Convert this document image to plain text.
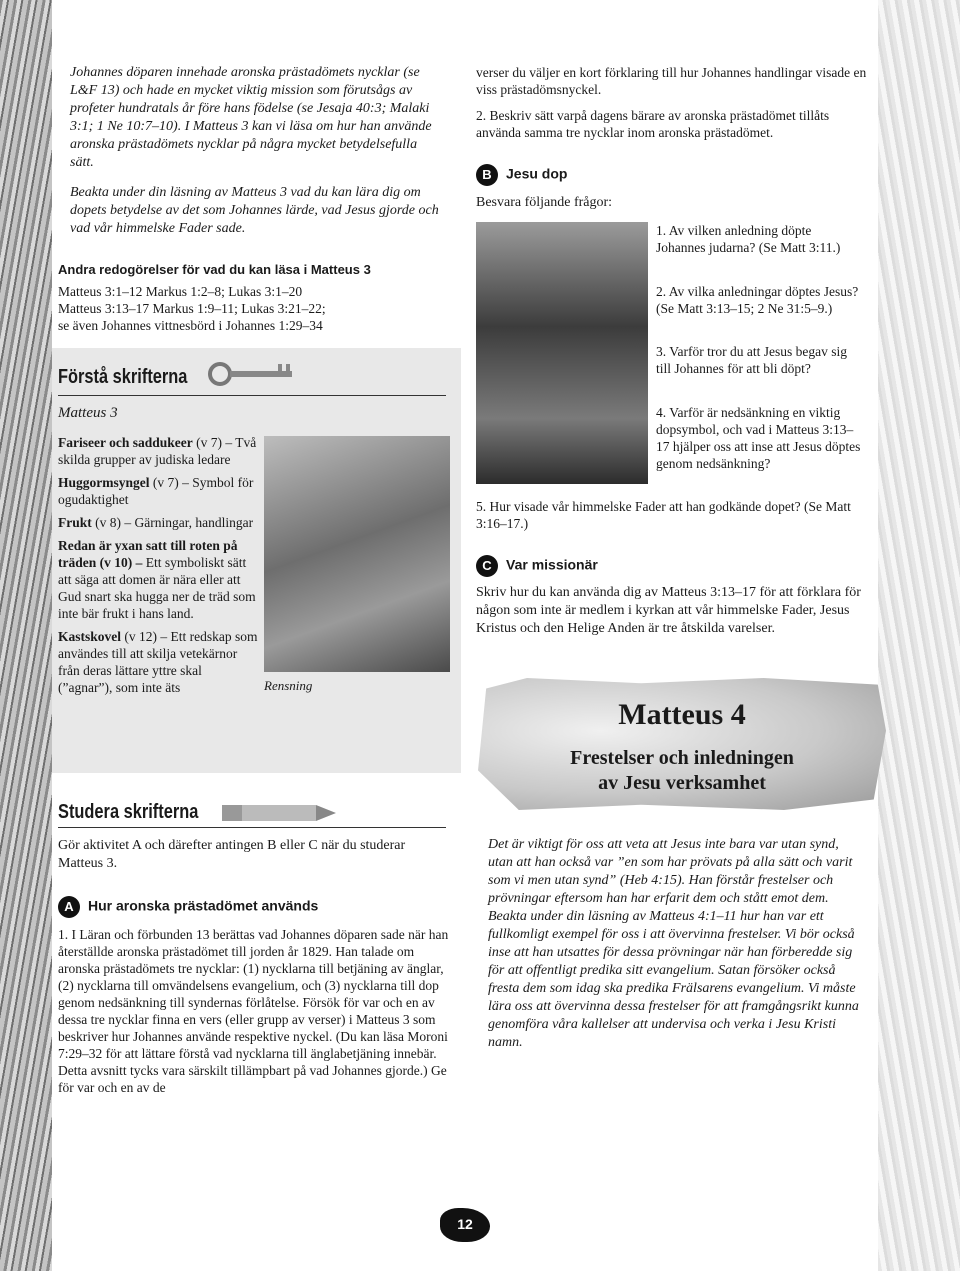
Johannes döparen innehade aronska prästadömets nycklar (se L&F 13) och hade en mycket viktig mission som förutsågs av profeter hundratals år före hans födelse (se Jesaja 40:3; Malaki 3:1; 1 Ne 10:7–10). I Matteus 3 kan vi läsa om hur han använde aronska prästadömets nycklar på några mycket betydelsefulla sätt.
Beakta under din läsning av Matteus 3 vad du kan lära dig om dopets betydelse av det som Johannes lärde, vad Jesus gjorde och vad vår himmelske Fader sade.
Andra redogörelser för vad du kan läsa i Matteus 3
Matteus 3:1–12 Markus 1:2–8; Lukas 3:1–20
Matteus 3:13–17 Markus 1:9–11; Lukas 3:21–22;
se även Johannes vittnesbörd i Johannes 1:29–34
Förstå skrifterna
Matteus 3

Fariseer och saddukeer (v 7) – Två skilda grupper av judiska ledare

Huggormsyngel (v 7) – Symbol för ogudaktighet

Frukt (v 8) – Gärningar, handlingar

Redan är yxan satt till roten på träden (v 10) – Ett symboliskt sätt att säga att domen är nära eller att Gud snart ska hugga ner de träd som inte bär frukt i hans land.

Kastskovel (v 12) – Ett redskap som användes till att skilja vetekärnor från deras lättare yttre skal (”agnar”), som inte äts	Rensning
Studera skrifterna
Gör aktivitet A och därefter antingen B eller C när du studerar Matteus 3.
A Hur aronska prästadömet används
1. I Läran och förbunden 13 berättas vad Johannes döparen sade när han återställde aronska prästadömet till jorden år 1829. Han talade om aronska prästadömets tre nycklar: (1) nycklarna till betjäning av änglar, (2) nycklarna till omvändelsens evangelium, och (3) nycklarna till dop genom nedsänkning till syndernas förlåtelse. Försök för var och en av dessa tre nycklar finna en vers (eller grupp av verser) i Matteus 3 som beskriver hur Johannes använde respektive nyckel. (Du kan läsa Moroni 7:29–32 för att lättare förstå vad nycklarna till änglabetjäning innebär. Detta avsnitt tycks vara särskilt tillämpbart på vad Johannes gjorde.) Ge för var och en av de
verser du väljer en kort förklaring till hur Johannes handlingar visade en viss prästadömsnyckel.
2. Beskriv sätt varpå dagens bärare av aronska prästadömet tillåts använda samma tre nycklar inom aronska prästadömet.
B Jesu dop
Besvara följande frågor:
1. Av vilken anledning döpte Johannes judarna? (Se Matt 3:11.)
2. Av vilka anledningar döptes Jesus? (Se Matt 3:13–15; 2 Ne 31:5–9.)
3. Varför tror du att Jesus begav sig till Johannes för att bli döpt?
4. Varför är nedsänkning en viktig dopsymbol, och vad i Matteus 3:13–17 hjälper oss att inse att Jesus döptes genom nedsänkning?
5. Hur visade vår himmelske Fader att han godkände dopet? (Se Matt 3:16–17.)
C Var missionär
Skriv hur du kan använda dig av Matteus 3:13–17 för att förklara för någon som inte är medlem i kyrkan att vår himmelske Fader, Jesus Kristus och den Helige Anden är tre åtskilda varelser.
Matteus 4
Frestelser och inledningen
av Jesu verksamhet
Det är viktigt för oss att veta att Jesus inte bara var utan synd, utan att han också var ”en som har prövats på alla sätt och varit som vi men utan synd” (Heb 4:15). Han förstår frestelser och prövningar eftersom han har erfarit dem och stått emot dem. Beakta under din läsning av Matteus 4:1–11 hur han var ett fullkomligt exempel för oss i att övervinna frestelser. Vi bör också inse att han utsattes för dessa prövningar när han förberedde sig för att offentligt predika sitt evangelium. Satan försöker också fresta dem som idag ska predika Frälsarens evangelium. Vi måste lära oss att övervinna dessa frestelser för att framgångsrikt kunna genomföra våra kallelser att undervisa och verka i Jesu Kristi namn.
12
